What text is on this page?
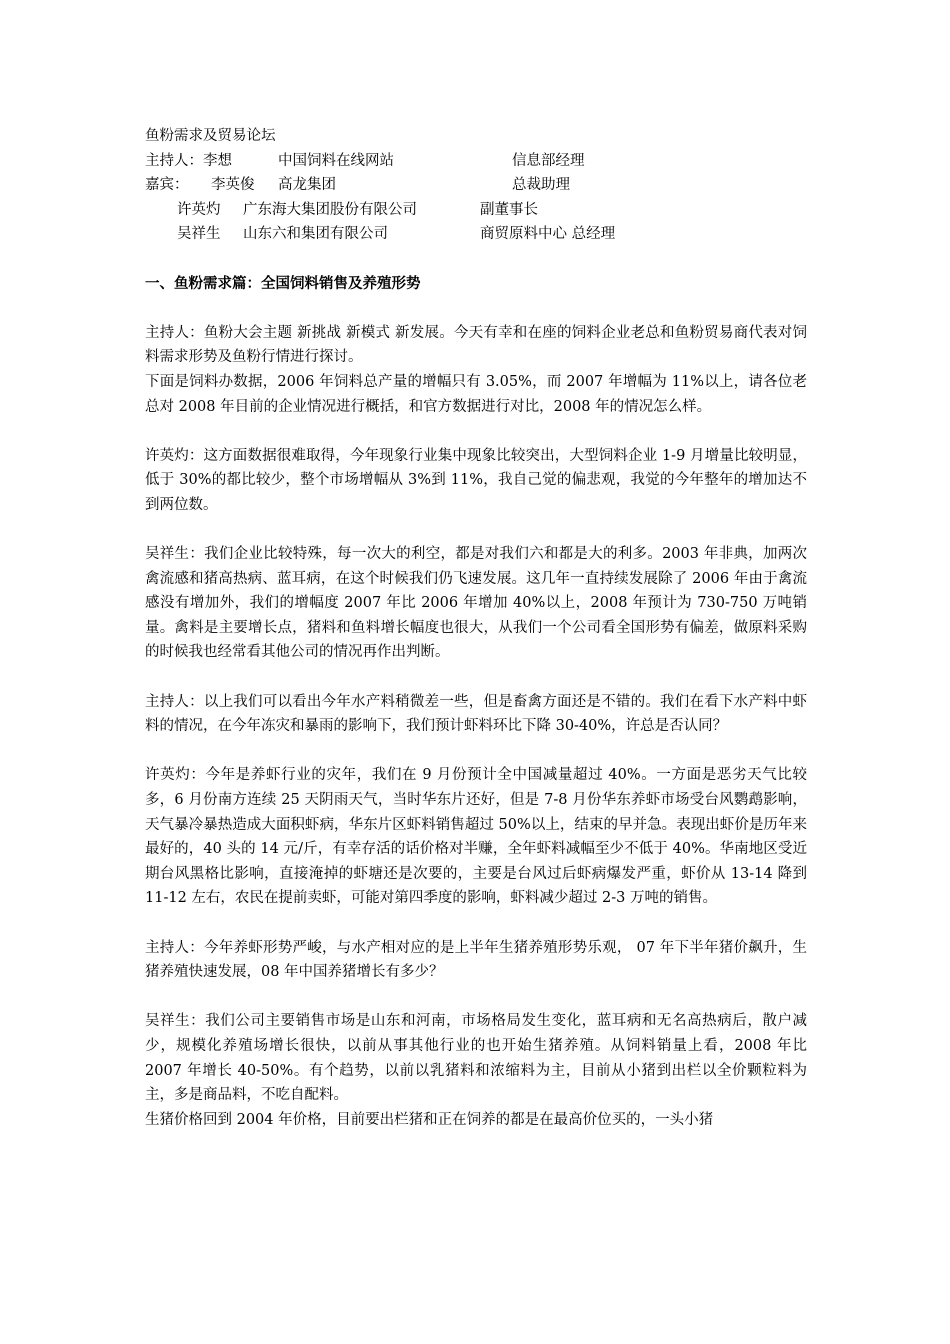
鱼粉需求及贸易论坛
主持人： 李想	中国饲料在线网站	信息部经理
嘉宾： 李英俊 高龙集团	总裁助理
许英灼 广东海大集团股份有限公司	副董事长
吴祥生 山东六和集团有限公司	商贸原料中心 总经理
一、鱼粉需求篇：全国饲料销售及养殖形势

主持人：鱼粉大会主题 新挑战 新模式 新发展。今天有幸和在座的饲料企业老总和鱼粉贸易商代表对饲料需求形势及鱼粉行情进行探讨。

下面是饲料办数据，2006 年饲料总产量的增幅只有 3.05%，而 2007 年增幅为 11%以上，请各位老总对 2008 年目前的企业情况进行概括，和官方数据进行对比，2008 年的情况怎么样。

许英灼：这方面数据很难取得，今年现象行业集中现象比较突出，大型饲料企业 1-9 月增量比较明显，低于 30%的都比较少，整个市场增幅从 3%到 11%，我自己觉的偏悲观，我觉的今年整年的增加达不到两位数。

吴祥生：我们企业比较特殊，每一次大的利空，都是对我们六和都是大的利多。2003 年非典，加两次禽流感和猪高热病、蓝耳病，在这个时候我们仍飞速发展。这几年一直持续发展除了 2006 年由于禽流感没有增加外，我们的增幅度 2007 年比 2006 年增加 40%以上，2008 年预计为 730-750 万吨销量。禽料是主要增长点，猪料和鱼料增长幅度也很大，从我们一个公司看全国形势有偏差，做原料采购的时候我也经常看其他公司的情况再作出判断。

主持人：以上我们可以看出今年水产料稍微差一些，但是畜禽方面还是不错的。我们在看下水产料中虾料的情况，在今年冻灾和暴雨的影响下，我们预计虾料环比下降 30-40%，许总是否认同？

许英灼：今年是养虾行业的灾年，我们在 9 月份预计全中国减量超过 40%。一方面是恶劣天气比较多，6 月份南方连续 25 天阴雨天气，当时华东片还好，但是 7-8 月份华东养虾市场受台风鹦鹉影响，天气暴冷暴热造成大面积虾病，华东片区虾料销售超过 50%以上，结束的早并急。表现出虾价是历年来最好的，40 头的 14 元/斤，有幸存活的话价格对半赚，全年虾料减幅至少不低于 40%。华南地区受近期台风黑格比影响，直接淹掉的虾塘还是次要的，主要是台风过后虾病爆发严重，虾价从 13-14 降到 11-12 左右，农民在提前卖虾，可能对第四季度的影响，虾料减少超过 2-3 万吨的销售。

主持人：今年养虾形势严峻，与水产相对应的是上半年生猪养殖形势乐观， 07 年下半年猪价飙升，生猪养殖快速发展，08 年中国养猪增长有多少？

吴祥生：我们公司主要销售市场是山东和河南，市场格局发生变化，蓝耳病和无名高热病后，散户减少，规模化养殖场增长很快，以前从事其他行业的也开始生猪养殖。从饲料销量上看，2008 年比 2007 年增长 40-50%。有个趋势，以前以乳猪料和浓缩料为主，目前从小猪到出栏以全价颗粒料为主，多是商品料，不吃自配料。

生猪价格回到 2004 年价格，目前要出栏猪和正在饲养的都是在最高价位买的，一头小猪
